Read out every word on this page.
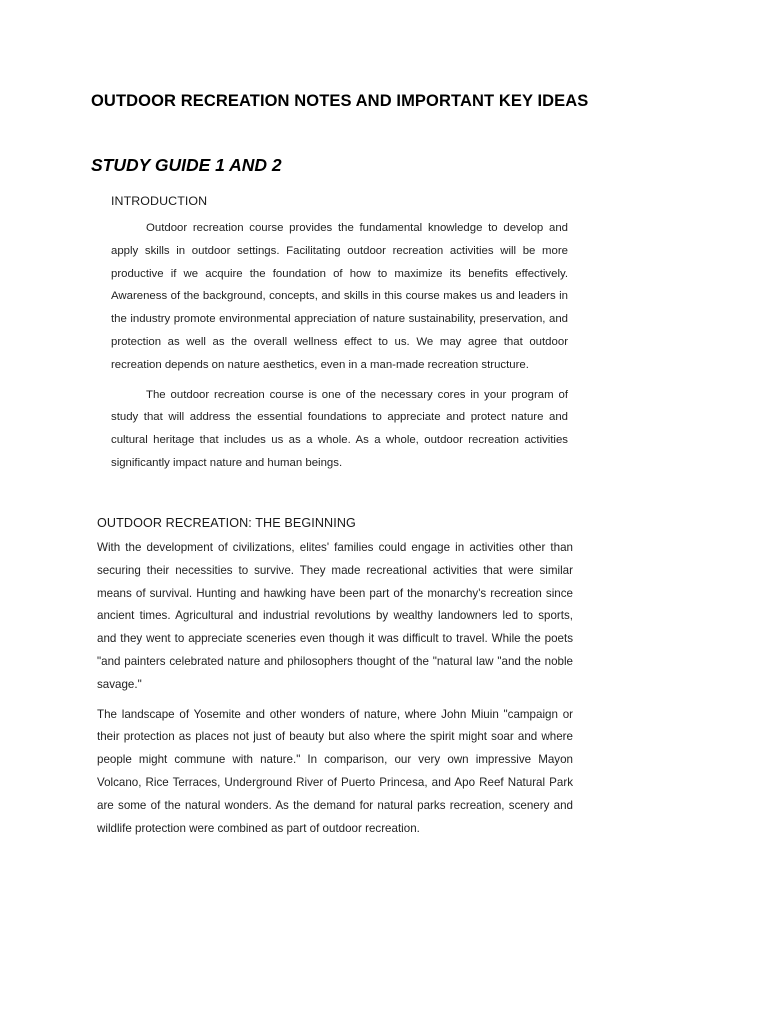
OUTDOOR RECREATION NOTES AND IMPORTANT KEY IDEAS
STUDY GUIDE 1 AND 2
INTRODUCTION

Outdoor recreation course provides the fundamental knowledge to develop and apply skills in outdoor settings. Facilitating outdoor recreation activities will be more productive if we acquire the foundation of how to maximize its benefits effectively. Awareness of the background, concepts, and skills in this course makes us and leaders in the industry promote environmental appreciation of nature sustainability, preservation, and protection as well as the overall wellness effect to us. We may agree that outdoor recreation depends on nature aesthetics, even in a man-made recreation structure.

The outdoor recreation course is one of the necessary cores in your program of study that will address the essential foundations to appreciate and protect nature and cultural heritage that includes us as a whole. As a whole, outdoor recreation activities significantly impact nature and human beings.

OUTDOOR RECREATION: THE BEGINNING

With the development of civilizations, elites' families could engage in activities other than securing their necessities to survive. They made recreational activities that were similar means of survival. Hunting and hawking have been part of the monarchy's recreation since ancient times. Agricultural and industrial revolutions by wealthy landowners led to sports, and they went to appreciate sceneries even though it was difficult to travel. While the poets "and painters celebrated nature and philosophers thought of the "natural law "and the noble savage."

The landscape of Yosemite and other wonders of nature, where John Miuin "campaign or their protection as places not just of beauty but also where the spirit might soar and where people might commune with nature." In comparison, our very own impressive Mayon Volcano, Rice Terraces, Underground River of Puerto Princesa, and Apo Reef Natural Park are some of the natural wonders. As the demand for natural parks recreation, scenery and wildlife protection were combined as part of outdoor recreation.
